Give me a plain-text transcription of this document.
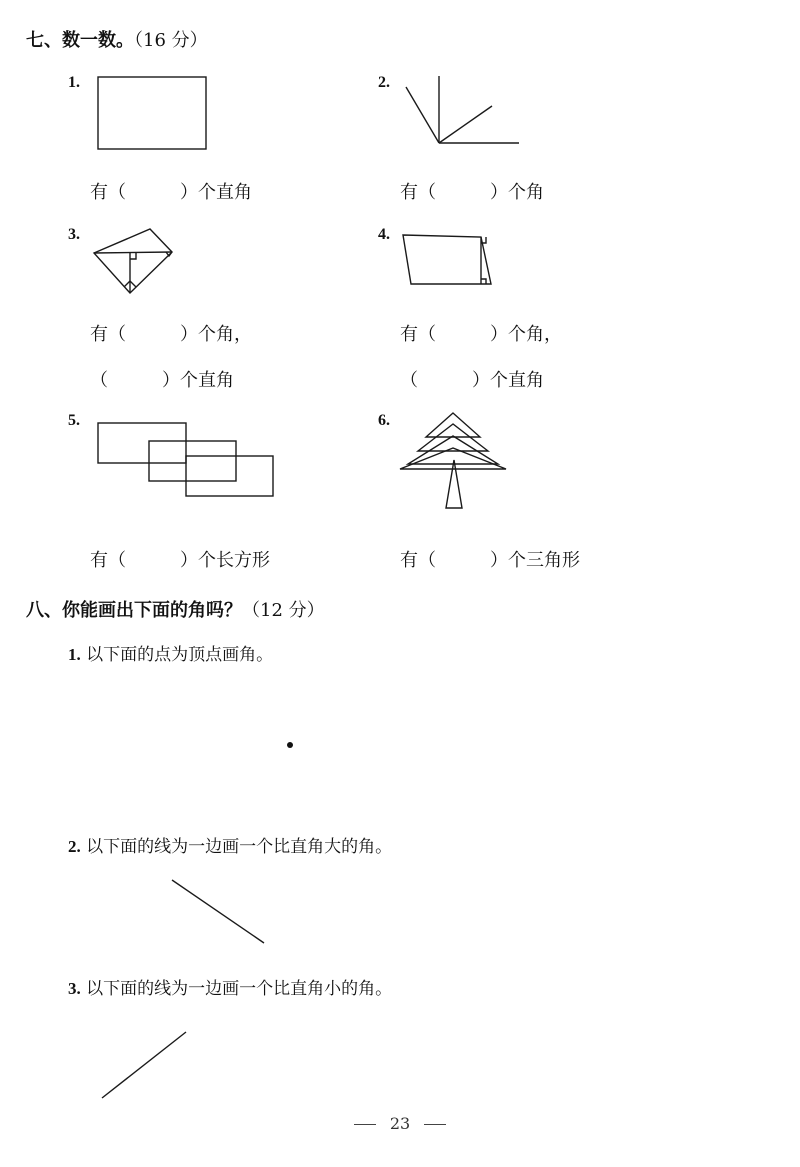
七、数一数。（16 分）
1.
有（　　　）个直角
2.
有（　　　）个角
3.
有（　　　）个角，
（　　　）个直角
4.
有（　　　）个角，
（　　　）个直角
5.
有（　　　）个长方形
6.
有（　　　）个三角形
八、你能画出下面的角吗？（12 分）
1. 以下面的点为顶点画角。
2. 以下面的线为一边画一个比直角大的角。
3. 以下面的线为一边画一个比直角小的角。
23
